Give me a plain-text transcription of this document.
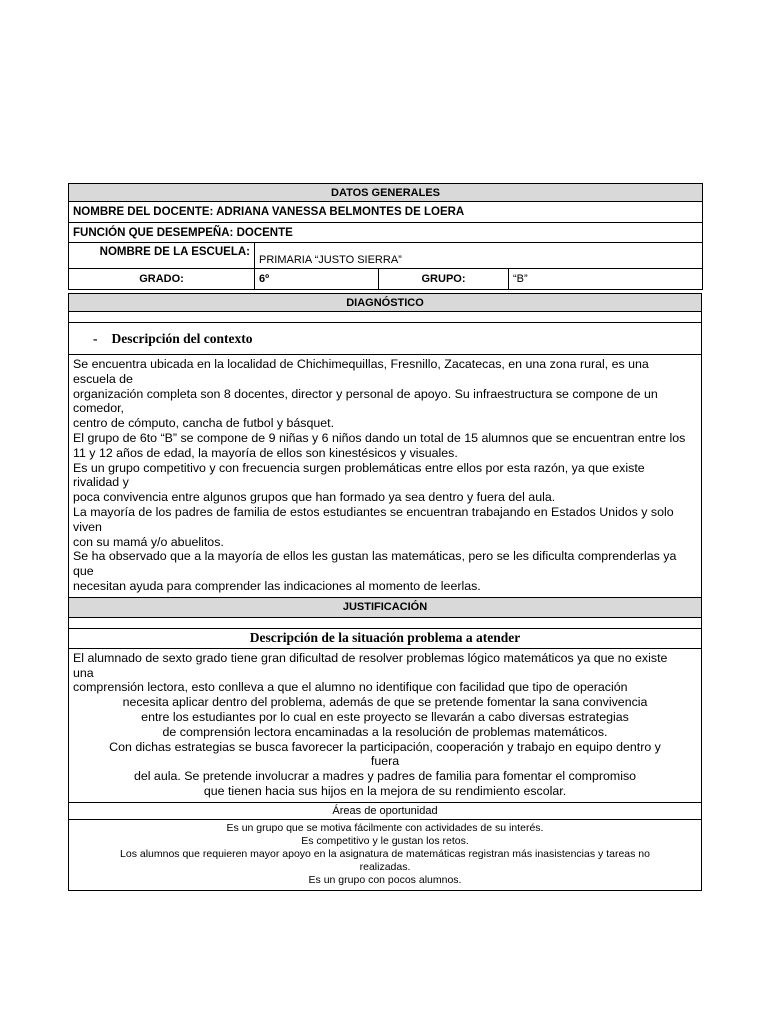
DATOS GENERALES			
NOMBRE DEL DOCENTE: ADRIANA VANESSA BELMONTES DE LOERA			
FUNCIÓN QUE DESEMPEÑA: DOCENTE			
NOMBRE DE LA ESCUELA:	PRIMARIA “JUSTO SIERRA”		
GRADO:	6º	GRUPO:	“B”
DIAGNÓSTICO

- Descripción del contexto

Se encuentra ubicada en la localidad de Chichimequillas, Fresnillo, Zacatecas, en una zona rural, es una

escuela de

organización completa son 8 docentes, director y personal de apoyo. Su infraestructura se compone de un

comedor,

centro de cómputo, cancha de futbol y básquet.

El grupo de 6to “B” se compone de 9 niñas y 6 niños dando un total de 15 alumnos que se encuentran entre los

11 y 12 años de edad, la mayoría de ellos son kinestésicos y visuales.

Es un grupo competitivo y con frecuencia surgen problemáticas entre ellos por esta razón, ya que existe

rivalidad y

poca convivencia entre algunos grupos que han formado ya sea dentro y fuera del aula.

La mayoría de los padres de familia de estos estudiantes se encuentran trabajando en Estados Unidos y solo

viven

con su mamá y/o abuelitos.

Se ha observado que a la mayoría de ellos les gustan las matemáticas, pero se les dificulta comprenderlas ya

que

necesitan ayuda para comprender las indicaciones al momento de leerlas.

JUSTIFICACIÓN

Descripción de la situación problema a atender

El alumnado de sexto grado tiene gran dificultad de resolver problemas lógico matemáticos ya que no existe

una

comprensión lectora, esto conlleva a que el alumno no identifique con facilidad que tipo de operación

necesita aplicar dentro del problema, además de que se pretende fomentar la sana convivencia

entre los estudiantes por lo cual en este proyecto se llevarán a cabo diversas estrategias

de comprensión lectora encaminadas a la resolución de problemas matemáticos.

Con dichas estrategias se busca favorecer la participación, cooperación y trabajo en equipo dentro y

fuera

del aula. Se pretende involucrar a madres y padres de familia para fomentar el compromiso

que tienen hacia sus hijos en la mejora de su rendimiento escolar.

Áreas de oportunidad

Es un grupo que se motiva fácilmente con actividades de su interés.

Es competitivo y le gustan los retos.

Los alumnos que requieren mayor apoyo en la asignatura de matemáticas registran más inasistencias y tareas no

realizadas.

Es un grupo con pocos alumnos.
